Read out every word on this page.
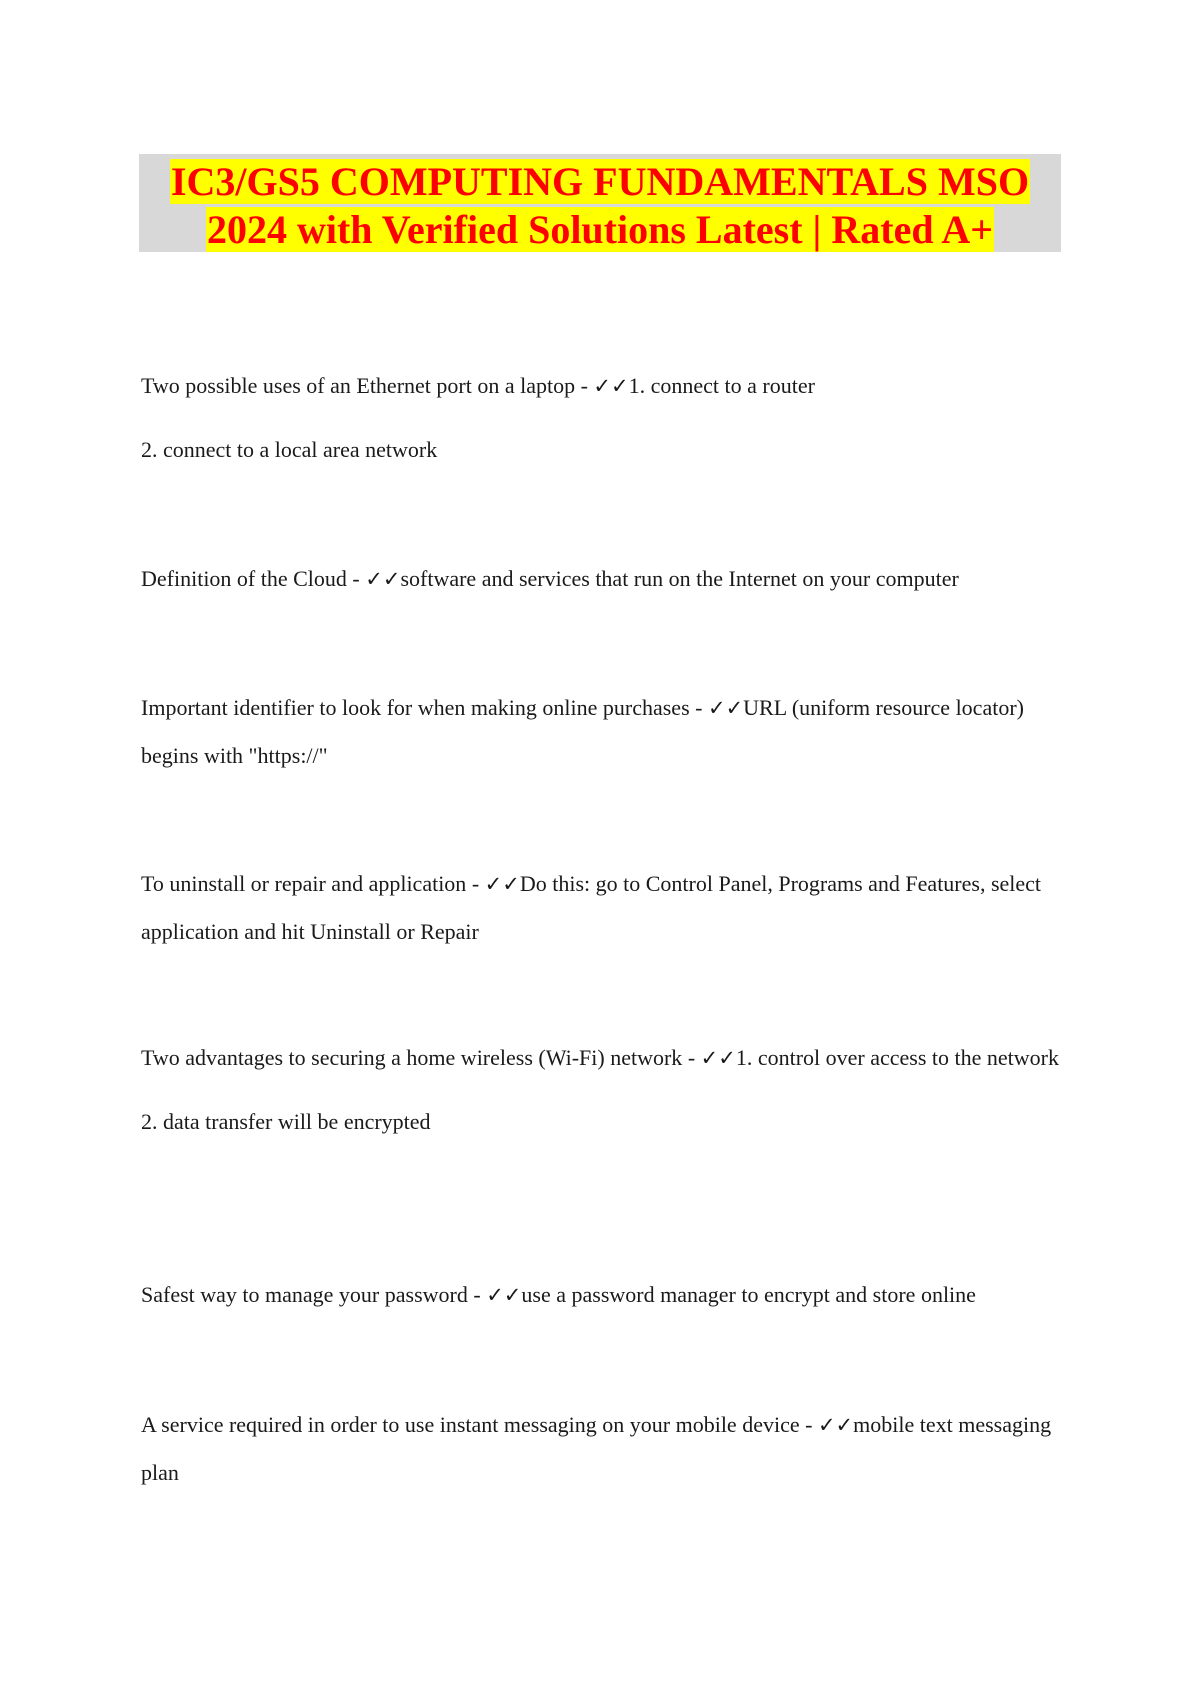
IC3/GS5 COMPUTING FUNDAMENTALS MSO
2024 with Verified Solutions Latest | Rated A+

Two possible uses of an Ethernet port on a laptop - ✓✓1. connect to a router

2. connect to a local area network

Definition of the Cloud - ✓✓software and services that run on the Internet on your computer

Important identifier to look for when making online purchases - ✓✓URL (uniform resource locator) begins with "https://"

To uninstall or repair and application - ✓✓Do this: go to Control Panel, Programs and Features, select application and hit Uninstall or Repair

Two advantages to securing a home wireless (Wi-Fi) network - ✓✓1. control over access to the network

2. data transfer will be encrypted

Safest way to manage your password - ✓✓use a password manager to encrypt and store online

A service required in order to use instant messaging on your mobile device - ✓✓mobile text messaging plan
